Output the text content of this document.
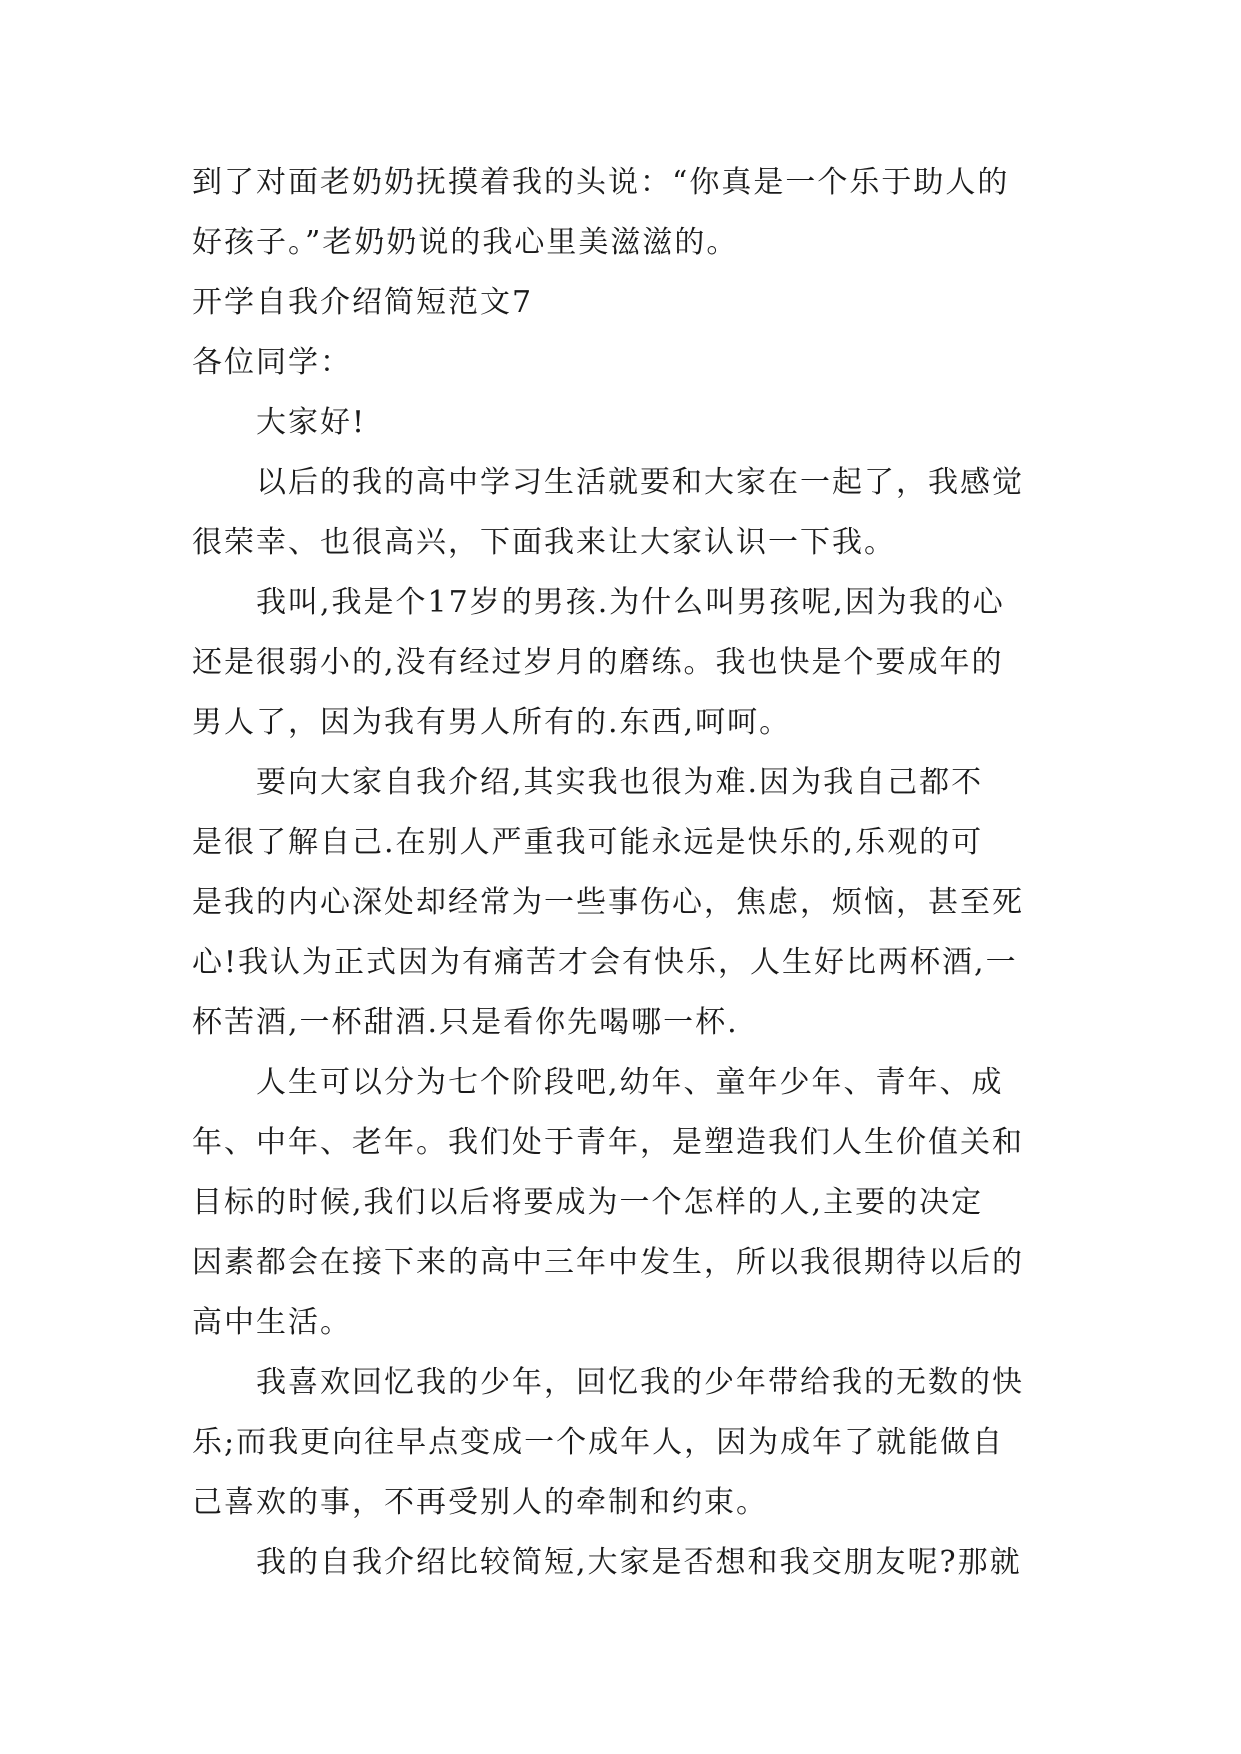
到了对面老奶奶抚摸着我的头说：“你真是一个乐于助人的
好孩子。”老奶奶说的我心里美滋滋的。
开学自我介绍简短范文7
各位同学：
大家好!
以后的我的高中学习生活就要和大家在一起了，我感觉
很荣幸、也很高兴，下面我来让大家认识一下我。
我叫,我是个17岁的男孩.为什么叫男孩呢,因为我的心
还是很弱小的,没有经过岁月的磨练。我也快是个要成年的
男人了，因为我有男人所有的.东西,呵呵。
要向大家自我介绍,其实我也很为难.因为我自己都不
是很了解自己.在别人严重我可能永远是快乐的,乐观的可
是我的内心深处却经常为一些事伤心，焦虑，烦恼，甚至死
心!我认为正式因为有痛苦才会有快乐，人生好比两杯酒,一
杯苦酒,一杯甜酒.只是看你先喝哪一杯.
人生可以分为七个阶段吧,幼年、童年少年、青年、成
年、中年、老年。我们处于青年，是塑造我们人生价值关和
目标的时候,我们以后将要成为一个怎样的人,主要的决定
因素都会在接下来的高中三年中发生，所以我很期待以后的
高中生活。
我喜欢回忆我的少年，回忆我的少年带给我的无数的快
乐;而我更向往早点变成一个成年人，因为成年了就能做自
己喜欢的事，不再受别人的牵制和约束。
我的自我介绍比较简短,大家是否想和我交朋友呢?那就
